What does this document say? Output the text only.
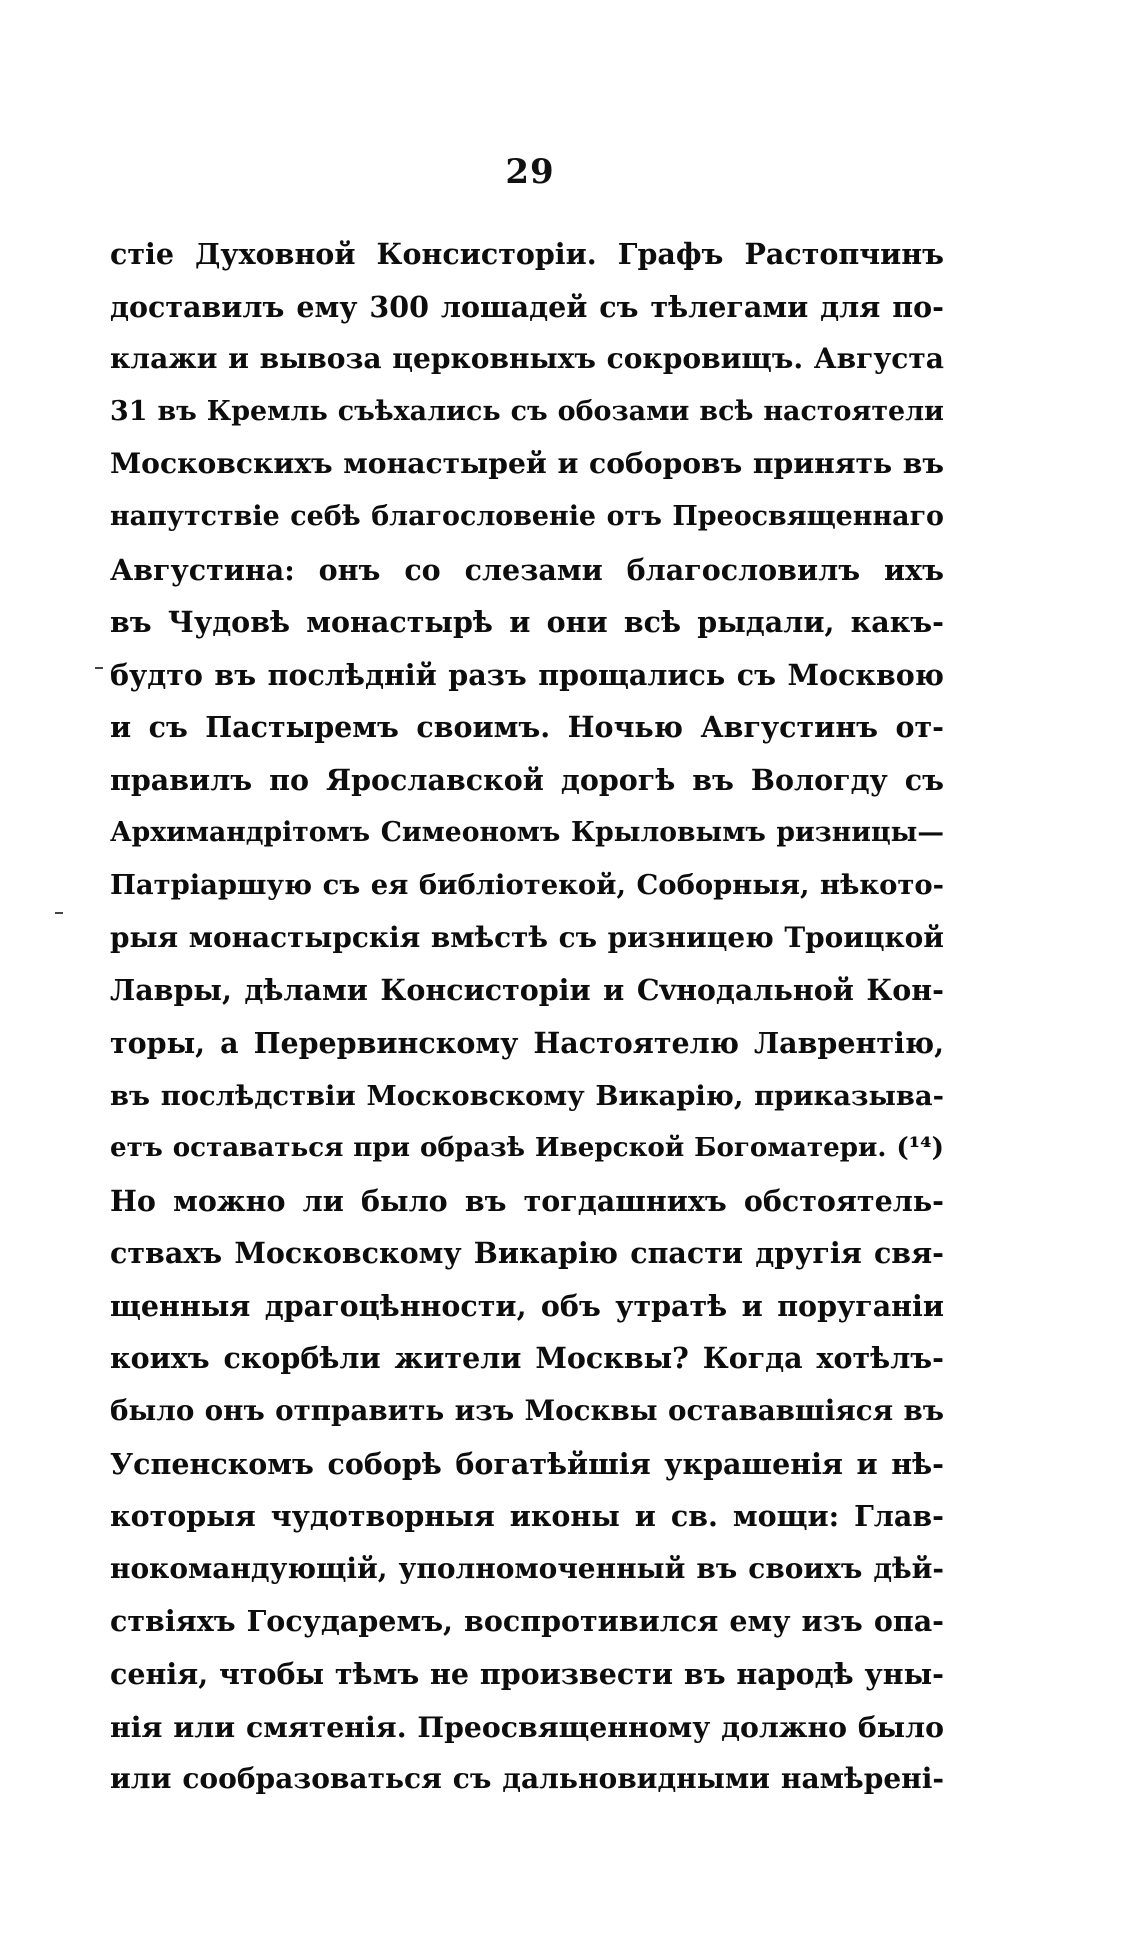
29
стіе Духовной Консисторіи. Графъ Растопчинъ
доставилъ ему 300 лошадей съ тѣлегами для по-
клажи и вывоза церковныхъ сокровищъ. Августа
31 въ Кремль съѣхались съ обозами всѣ настоятели
Московскихъ монастырей и соборовъ принять въ
напутствіе себѣ благословеніе отъ Преосвященнаго
Августина: онъ со слезами благословилъ ихъ
въ Чудовѣ монастырѣ и они всѣ рыдали, какъ-
будто въ послѣдній разъ прощались съ Москвою
и съ Пастыремъ своимъ. Ночью Августинъ от-
правилъ по Ярославской дорогѣ въ Вологду съ
Архимандрітомъ Симеономъ Крыловымъ ризницы—
Патріаршую съ ея библіотекой, Соборныя, нѣкото-
рыя монастырскія вмѣстѣ съ ризницею Троицкой
Лавры, дѣлами Консисторіи и Сvнодальной Кон-
торы, а Перервинскому Настоятелю Лаврентію,
въ послѣдствіи Московскому Викарію, приказыва-
етъ оставаться при образѣ Иверской Богоматери. (¹⁴)
Но можно ли было въ тогдашнихъ обстоятель-
ствахъ Московскому Викарію спасти другія свя-
щенныя драгоцѣнности, объ утратѣ и поруганіи
коихъ скорбѣли жители Москвы? Когда хотѣлъ-
было онъ отправить изъ Москвы остававшіяся въ
Успенскомъ соборѣ богатѣйшія украшенія и нѣ-
которыя чудотворныя иконы и св. мощи: Глав-
нокомандующій, уполномоченный въ своихъ дѣй-
ствіяхъ Государемъ, воспротивился ему изъ опа-
сенія, чтобы тѣмъ не произвести въ народѣ уны-
нія или смятенія. Преосвященному должно было
или сообразоваться съ дальновидными намѣрені-
